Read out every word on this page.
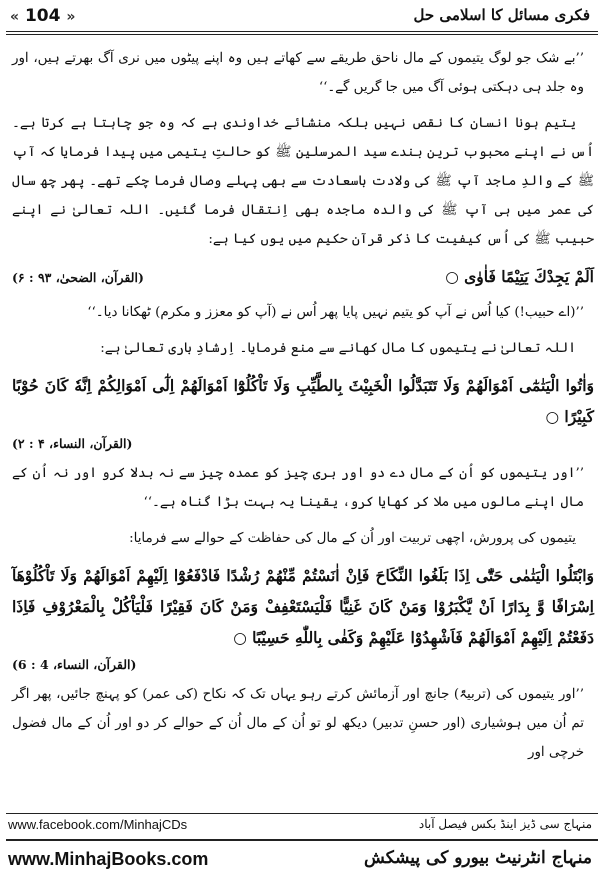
« 104 »	فکری مسائل کا اسلامی حل

’’بے شک جو لوگ یتیموں کے مال ناحق طریقے سے کھاتے ہیں وہ اپنے پیٹوں میں نری آگ بھرتے ہیں، اور وہ جلد ہی دہکتی ہوئی آگ میں جا گریں گے۔‘‘

یتیم ہونا انسان کا نقص نہیں بلکہ منشائے خداوندی ہے کہ وہ جو چاہتا ہے کرتا ہے۔ اُس نے اپنے محبوب ترین بندے سید المرسلین ﷺ کو حالتِ یتیمی میں پیدا فرمایا کہ آپ ﷺ کے والدِ ماجد آپ ﷺ کی ولادت باسعادت سے بھی پہلے وصال فرما چکے تھے۔ پھر چھ سال کی عمر میں ہی آپ ﷺ کی والدہ ماجدہ بھی اِنتقال فرما گئیں۔ اللہ تعالیٰ نے اپنے حبیب ﷺ کی اُس کیفیت کا ذکر قرآن حکیم میں یوں کیا ہے:

اَلَمْ يَجِدْكَ يَتِيْمًا فَاٰوٰى ○
(القرآن، الضحیٰ، ۹۳ : ۶)

’’(اے حبیب!) کیا اُس نے آپ کو یتیم نہیں پایا پھر اُس نے (آپ کو معزز و مکرم) ٹھکانا دیا۔‘‘

اللہ تعالیٰ نے یتیموں کا مال کھانے سے منع فرمایا۔ اِرشادِ باری تعالیٰ ہے:

وَاٰتُوا الْيَتٰمٰٓى اَمْوَالَهُمْ وَلَا تَتَبَدَّلُوا الْخَبِيْثَ بِالطَّيِّبِ وَلَا تَاْكُلُوْٓا اَمْوَالَهُمْ اِلٰٓى اَمْوَالِكُمْ اِنَّهٗ كَانَ حُوْبًا كَبِيْرًا ○
(القرآن، النساء، ۴ : ۲)

’’اور یتیموں کو اُن کے مال دے دو اور بری چیز کو عمدہ چیز سے نہ بدلا کرو اور نہ اُن کے مال اپنے مالوں میں ملا کر کھایا کرو، یقینا یہ بہت بڑا گناہ ہے۔‘‘

یتیموں کی پرورش، اچھی تربیت اور اُن کے مال کی حفاظت کے حوالے سے فرمایا:

وَابْتَلُوا الْيَتٰمٰى حَتّٰٓى اِذَا بَلَغُوا النِّكَاحَ فَاِنْ اٰنَسْتُمْ مِّنْهُمْ رُشْدًا فَادْفَعُوْٓا اِلَيْهِمْ اَمْوَالَهُمْ وَلَا تَاْكُلُوْهَآ اِسْرَافًا وَّ بِدَارًا اَنْ يَّكْبَرُوْا وَمَنْ كَانَ غَنِيًّا فَلْيَسْتَعْفِفْ وَمَنْ كَانَ فَقِيْرًا فَلْيَاْكُلْ بِالْمَعْرُوْفِ فَاِذَا دَفَعْتُمْ اِلَيْهِمْ اَمْوَالَهُمْ فَاَشْهِدُوْا عَلَيْهِمْ وَكَفٰى بِاللّٰهِ حَسِيْبًا ○
(القرآن، النساء، 4 : 6)

’’اور یتیموں کی (تربیۃً) جانچ اور آزمائش کرتے رہو یہاں تک کہ نکاح (کی عمر) کو پہنچ جائیں، پھر اگر تم اُن میں ہوشیاری (اور حسنِ تدبیر) دیکھ لو تو اُن کے مال اُن کے حوالے کر دو اور اُن کے مال فضول خرچی اور

www.facebook.com/MinhajCDs	منہاج سی ڈیز اینڈ بکس فیصل آباد
www.MinhajBooks.com	منہاج انٹرنیٹ بیورو کی پیشکش
